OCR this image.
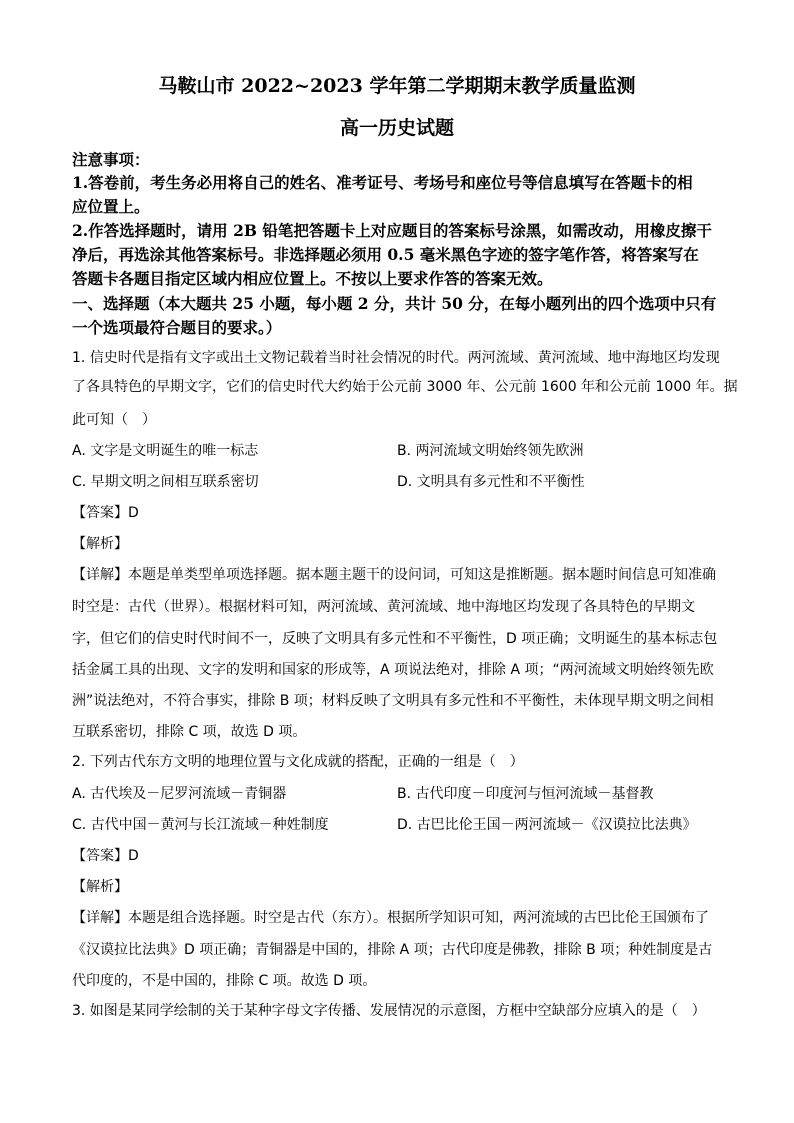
马鞍山市 2022~2023 学年第二学期期末教学质量监测
高一历史试题
注意事项：
1.答卷前，考生务必用将自己的姓名、准考证号、考场号和座位号等信息填写在答题卡的相
应位置上。
2.作答选择题时，请用 2B 铅笔把答题卡上对应题目的答案标号涂黑，如需改动，用橡皮擦干
净后，再选涂其他答案标号。非选择题必须用 0.5 毫米黑色字迹的签字笔作答，将答案写在
答题卡各题目指定区域内相应位置上。不按以上要求作答的答案无效。
一、选择题（本大题共 25 小题，每小题 2 分，共计 50 分，在每小题列出的四个选项中只有
一个选项最符合题目的要求。）
1. 信史时代是指有文字或出土文物记载着当时社会情况的时代。两河流域、黄河流域、地中海地区均发现
了各具特色的早期文字，它们的信史时代大约始于公元前 3000 年、公元前 1600 年和公元前 1000 年。据
此可知（　）
A. 文字是文明诞生的唯一标志	B. 两河流域文明始终领先欧洲
C. 早期文明之间相互联系密切	D. 文明具有多元性和不平衡性
【答案】D
【解析】
【详解】本题是单类型单项选择题。据本题主题干的设问词，可知这是推断题。据本题时间信息可知准确
时空是：古代（世界）。根据材料可知，两河流域、黄河流域、地中海地区均发现了各具特色的早期文
字，但它们的信史时代时间不一，反映了文明具有多元性和不平衡性，D 项正确；文明诞生的基本标志包
括金属工具的出现、文字的发明和国家的形成等，A 项说法绝对，排除 A 项；“两河流域文明始终领先欧
洲”说法绝对，不符合事实，排除 B 项；材料反映了文明具有多元性和不平衡性，未体现早期文明之间相
互联系密切，排除 C 项，故选 D 项。
2. 下列古代东方文明的地理位置与文化成就的搭配，正确的一组是（　）
A. 古代埃及－尼罗河流域－青铜器	B. 古代印度－印度河与恒河流域－基督教
C. 古代中国－黄河与长江流域－种姓制度	D. 古巴比伦王国－两河流域－《汉谟拉比法典》
【答案】D
【解析】
【详解】本题是组合选择题。时空是古代（东方）。根据所学知识可知，两河流域的古巴比伦王国颁布了
《汉谟拉比法典》D 项正确；青铜器是中国的，排除 A 项；古代印度是佛教，排除 B 项；种姓制度是古
代印度的，不是中国的，排除 C 项。故选 D 项。
3. 如图是某同学绘制的关于某种字母文字传播、发展情况的示意图，方框中空缺部分应填入的是（　）
